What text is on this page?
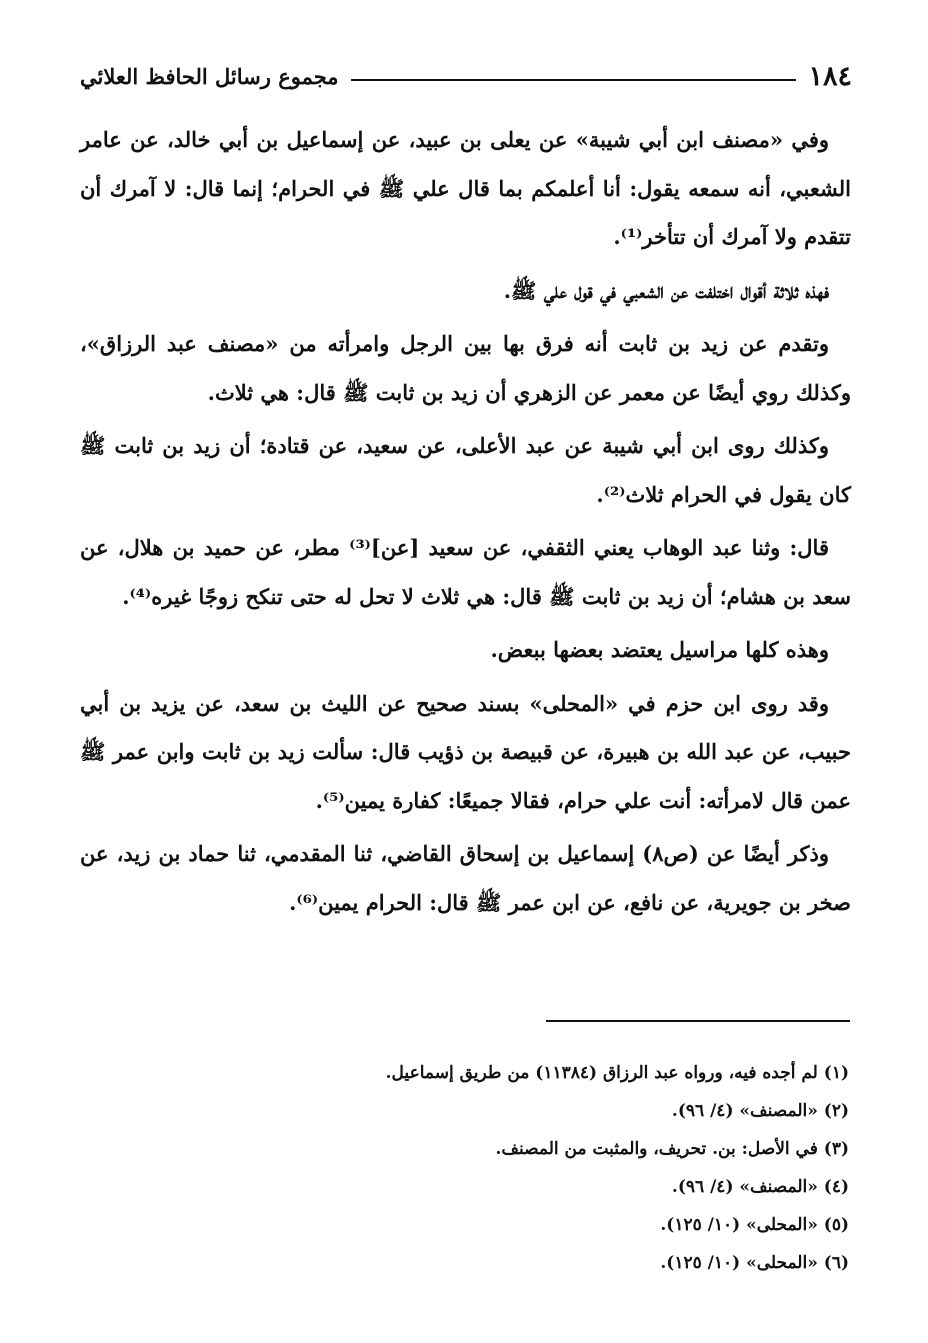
١٨٤
مجموع رسائل الحافظ العلائي

وفي «مصنف ابن أبي شيبة» عن يعلى بن عبيد، عن إسماعيل بن أبي خالد، عن عامر الشعبي، أنه سمعه يقول: أنا أعلمكم بما قال علي ﷺ في الحرام؛ إنما قال: لا آمرك أن تتقدم ولا آمرك أن تتأخر⁽¹⁾.

فهذه ثلاثة أقوال اختلفت عن الشعبي في قول علي ﷺ.

وتقدم عن زيد بن ثابت أنه فرق بها بين الرجل وامرأته من «مصنف عبد الرزاق»، وكذلك روي أيضًا عن معمر عن الزهري أن زيد بن ثابت ﷺ قال: هي ثلاث.

وكذلك روى ابن أبي شيبة عن عبد الأعلى، عن سعيد، عن قتادة؛ أن زيد بن ثابت ﷺ كان يقول في الحرام ثلاث⁽²⁾.

قال: وثنا عبد الوهاب يعني الثقفي، عن سعيد [عن]⁽³⁾ مطر، عن حميد بن هلال، عن سعد بن هشام؛ أن زيد بن ثابت ﷺ قال: هي ثلاث لا تحل له حتى تنكح زوجًا غيره⁽⁴⁾.

وهذه كلها مراسيل يعتضد بعضها ببعض.

وقد روى ابن حزم في «المحلى» بسند صحيح عن الليث بن سعد، عن يزيد بن أبي حبيب، عن عبد الله بن هبيرة، عن قبيصة بن ذؤيب قال: سألت زيد بن ثابت وابن عمر ﷺ عمن قال لامرأته: أنت علي حرام، فقالا جميعًا: كفارة يمين⁽⁵⁾.

وذكر أيضًا عن (ص٨) إسماعيل بن إسحاق القاضي، ثنا المقدمي، ثنا حماد بن زيد، عن صخر بن جويرية، عن نافع، عن ابن عمر ﷺ قال: الحرام يمين⁽⁶⁾.

(١) لم أجده فيه، ورواه عبد الرزاق (١١٣٨٤) من طريق إسماعيل.

(٢) «المصنف» (٤/ ٩٦).

(٣) في الأصل: بن. تحريف، والمثبت من المصنف.

(٤) «المصنف» (٤/ ٩٦).

(٥) «المحلى» (١٠/ ١٢٥).

(٦) «المحلى» (١٠/ ١٢٥).
